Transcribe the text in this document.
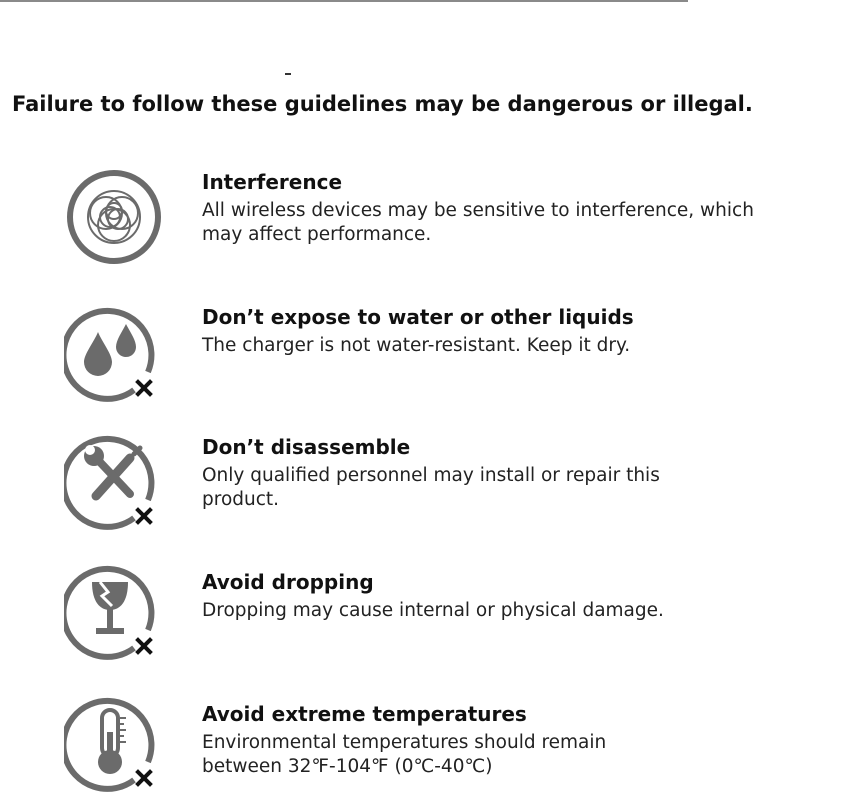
Failure to follow these guidelines may be dangerous or illegal.
Interference
All wireless devices may be sensitive to interference, which may affect performance.
Don’t expose to water or other liquids
The charger is not water-resistant. Keep it dry.
Don’t disassemble
Only qualified personnel may install or repair this product.
Avoid dropping
Dropping may cause internal or physical damage.
Avoid extreme temperatures
Environmental temperatures should remain between 32℉-104℉ (0℃-40℃)
